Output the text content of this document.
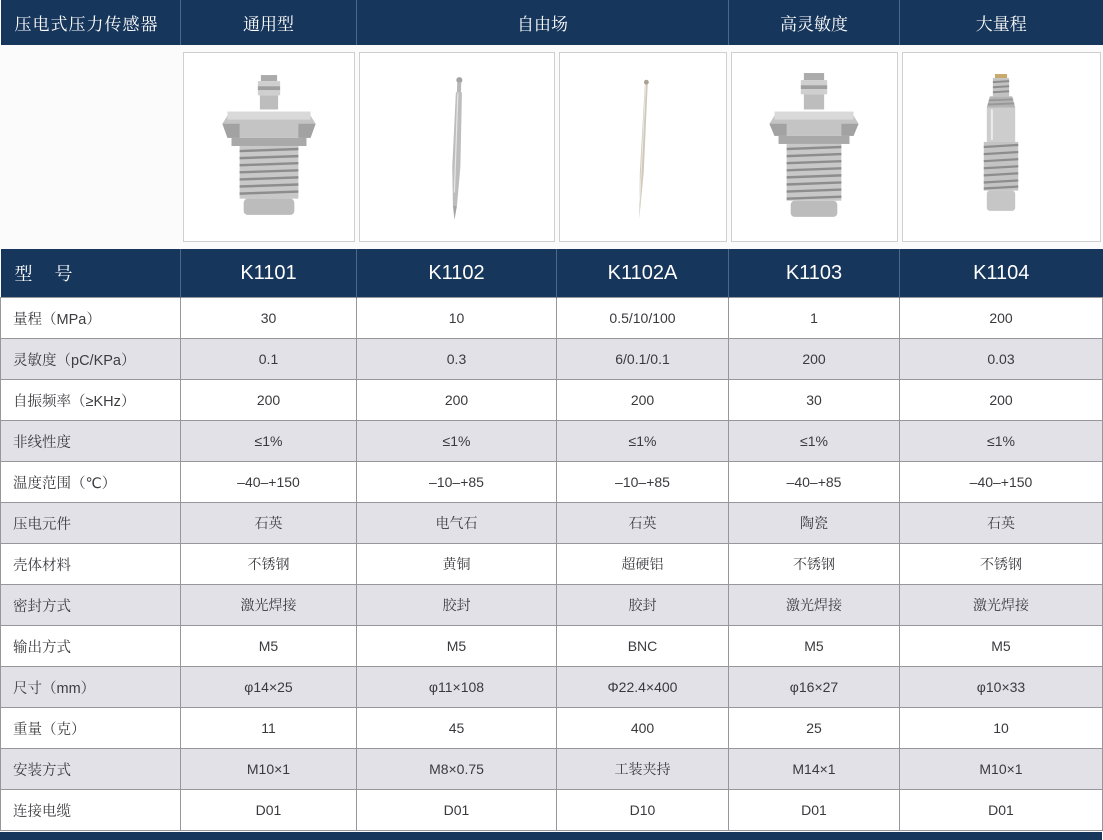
压电式压力传感器	通用型	自由场		高灵敏度	大量程

型　号	K1101	K1102	K1102A	K1103	K1104
量程（MPa）	30	10	0.5/10/100	1	200
灵敏度（pC/KPa）	0.1	0.3	6/0.1/0.1	200	0.03
自振频率（≥KHz）	200	200	200	30	200
非线性度	≤1%	≤1%	≤1%	≤1%	≤1%
温度范围（℃）	–40–+150	–10–+85	–10–+85	–40–+85	–40–+150
压电元件	石英	电气石	石英	陶瓷	石英
壳体材料	不锈钢	黄铜	超硬铝	不锈钢	不锈钢
密封方式	激光焊接	胶封	胶封	激光焊接	激光焊接
输出方式	M5	M5	BNC	M5	M5
尺寸（mm）	φ14×25	φ11×108	Φ22.4×400	φ16×27	φ10×33
重量（克）	11	45	400	25	10
安装方式	M10×1	M8×0.75	工装夹持	M14×1	M10×1
连接电缆	D01	D01	D10	D01	D01
